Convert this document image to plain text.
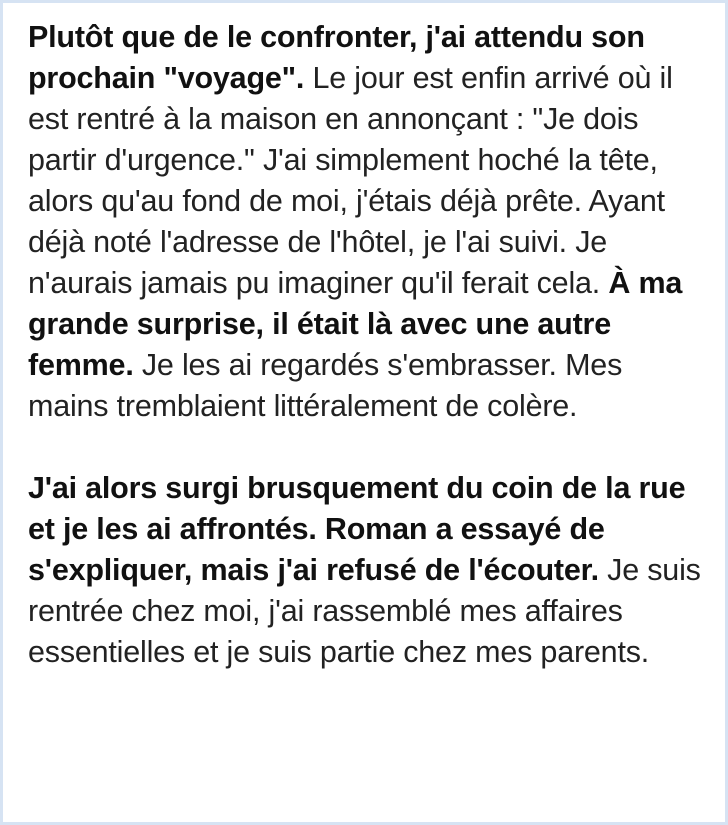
Plutôt que de le confronter, j'ai attendu son prochain "voyage". Le jour est enfin arrivé où il est rentré à la maison en annonçant : "Je dois partir d'urgence." J'ai simplement hoché la tête, alors qu'au fond de moi, j'étais déjà prête. Ayant déjà noté l'adresse de l'hôtel, je l'ai suivi. Je n'aurais jamais pu imaginer qu'il ferait cela. À ma grande surprise, il était là avec une autre femme. Je les ai regardés s'embrasser. Mes mains tremblaient littéralement de colère.

J'ai alors surgi brusquement du coin de la rue et je les ai affrontés. Roman a essayé de s'expliquer, mais j'ai refusé de l'écouter. Je suis rentrée chez moi, j'ai rassemblé mes affaires essentielles et je suis partie chez mes parents.
